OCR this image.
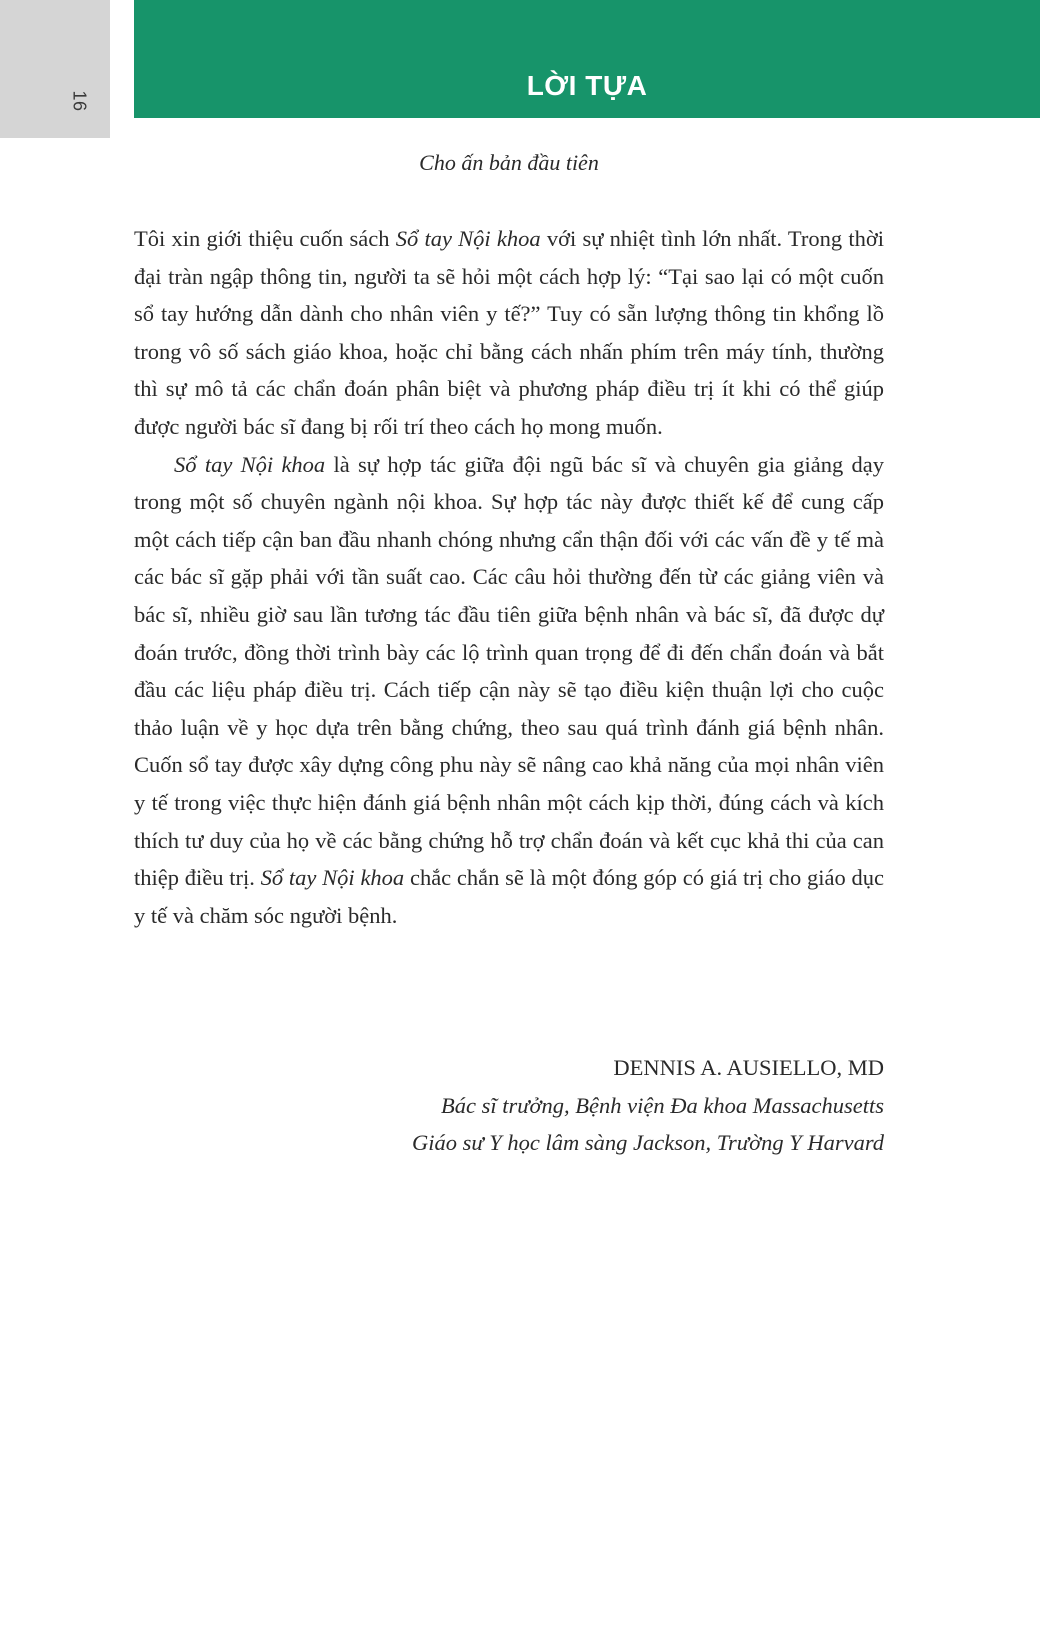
16	LỜI TỰA

Cho ấn bản đầu tiên

Tôi xin giới thiệu cuốn sách Sổ tay Nội khoa với sự nhiệt tình lớn nhất. Trong thời đại tràn ngập thông tin, người ta sẽ hỏi một cách hợp lý: “Tại sao lại có một cuốn sổ tay hướng dẫn dành cho nhân viên y tế?” Tuy có sẵn lượng thông tin khổng lồ trong vô số sách giáo khoa, hoặc chỉ bằng cách nhấn phím trên máy tính, thường thì sự mô tả các chẩn đoán phân biệt và phương pháp điều trị ít khi có thể giúp được người bác sĩ đang bị rối trí theo cách họ mong muốn.

Sổ tay Nội khoa là sự hợp tác giữa đội ngũ bác sĩ và chuyên gia giảng dạy trong một số chuyên ngành nội khoa. Sự hợp tác này được thiết kế để cung cấp một cách tiếp cận ban đầu nhanh chóng nhưng cẩn thận đối với các vấn đề y tế mà các bác sĩ gặp phải với tần suất cao. Các câu hỏi thường đến từ các giảng viên và bác sĩ, nhiều giờ sau lần tương tác đầu tiên giữa bệnh nhân và bác sĩ, đã được dự đoán trước, đồng thời trình bày các lộ trình quan trọng để đi đến chẩn đoán và bắt đầu các liệu pháp điều trị. Cách tiếp cận này sẽ tạo điều kiện thuận lợi cho cuộc thảo luận về y học dựa trên bằng chứng, theo sau quá trình đánh giá bệnh nhân. Cuốn sổ tay được xây dựng công phu này sẽ nâng cao khả năng của mọi nhân viên y tế trong việc thực hiện đánh giá bệnh nhân một cách kịp thời, đúng cách và kích thích tư duy của họ về các bằng chứng hỗ trợ chẩn đoán và kết cục khả thi của can thiệp điều trị. Sổ tay Nội khoa chắc chắn sẽ là một đóng góp có giá trị cho giáo dục y tế và chăm sóc người bệnh.

DENNIS A. AUSIELLO, MD
Bác sĩ trưởng, Bệnh viện Đa khoa Massachusetts
Giáo sư Y học lâm sàng Jackson, Trường Y Harvard
